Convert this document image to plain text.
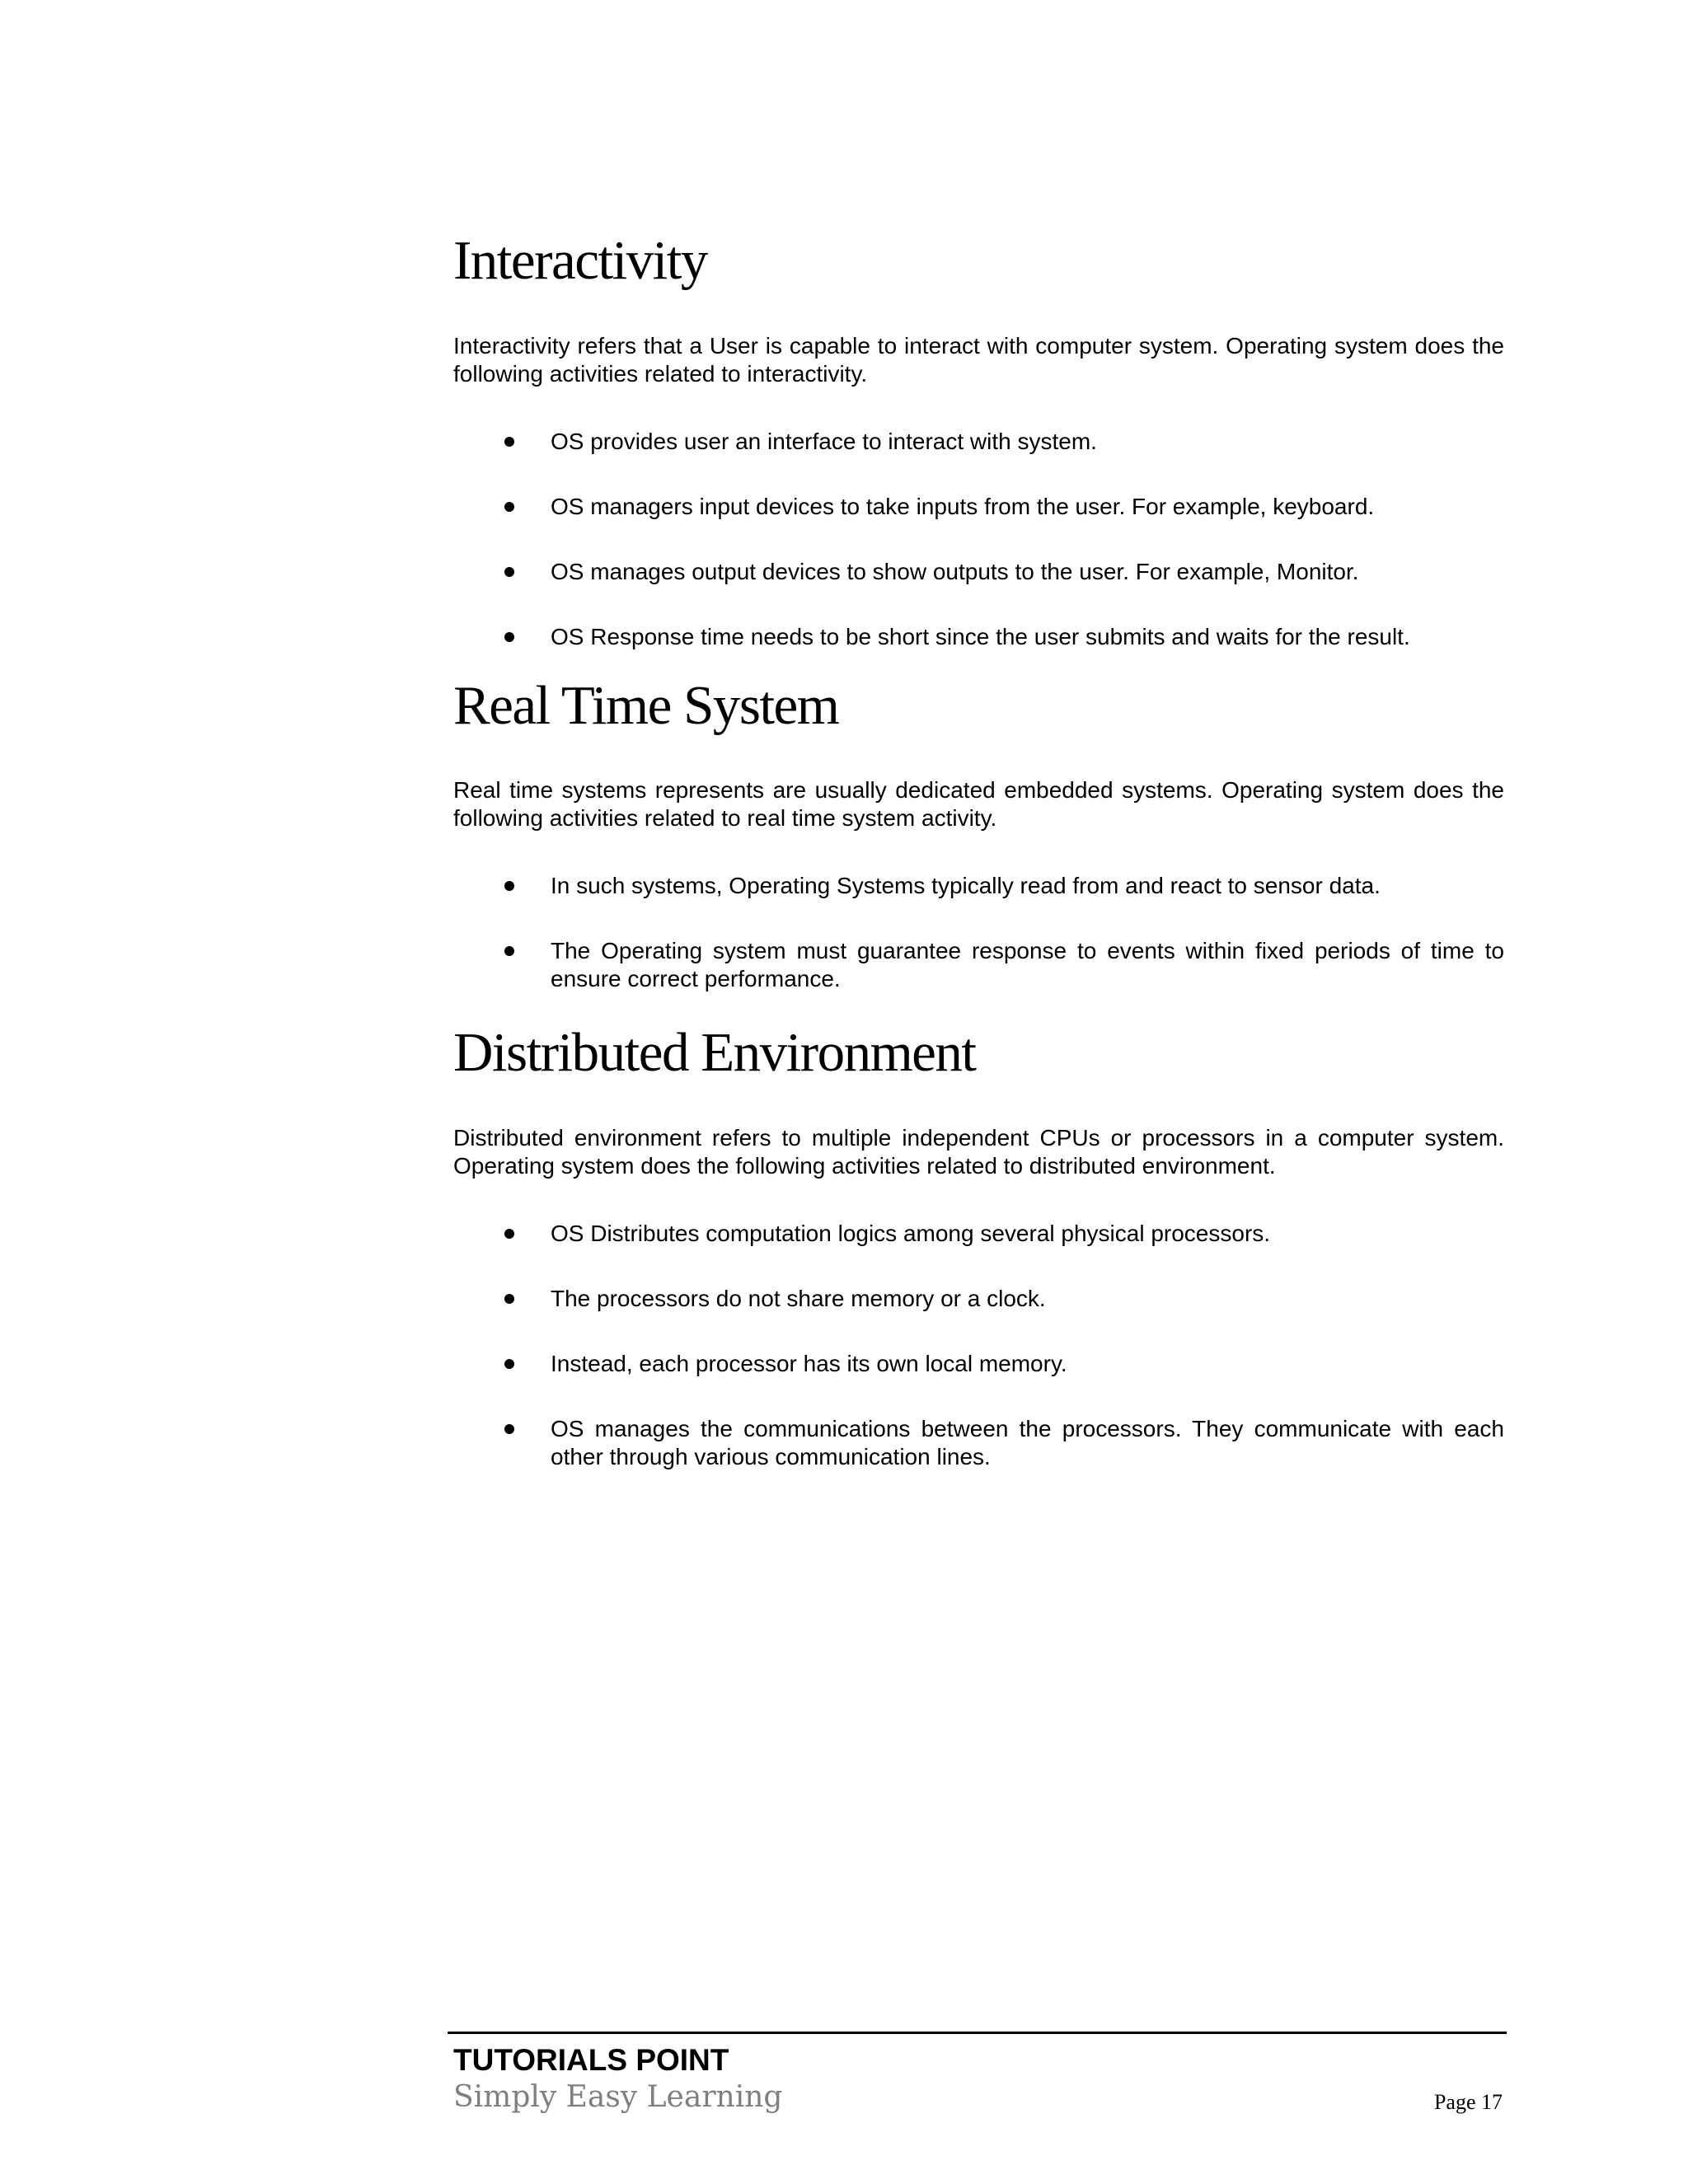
Interactivity

Interactivity refers that a User is capable to interact with computer system. Operating system does the following activities related to interactivity.

OS provides user an interface to interact with system.
OS managers input devices to take inputs from the user. For example, keyboard.
OS manages output devices to show outputs to the user. For example, Monitor.
OS Response time needs to be short since the user submits and waits for the result.
Real Time System

Real time systems represents are usually dedicated embedded systems. Operating system does the following activities related to real time system activity.

In such systems, Operating Systems typically read from and react to sensor data.
The Operating system must guarantee response to events within fixed periods of time to ensure correct performance.
Distributed Environment

Distributed environment refers to multiple independent CPUs or processors in a computer system. Operating system does the following activities related to distributed environment.

OS Distributes computation logics among several physical processors.
The processors do not share memory or a clock.
Instead, each processor has its own local memory.
OS manages the communications between the processors. They communicate with each other through various communication lines.
TUTORIALS POINT
Simply Easy Learning	Page 17
